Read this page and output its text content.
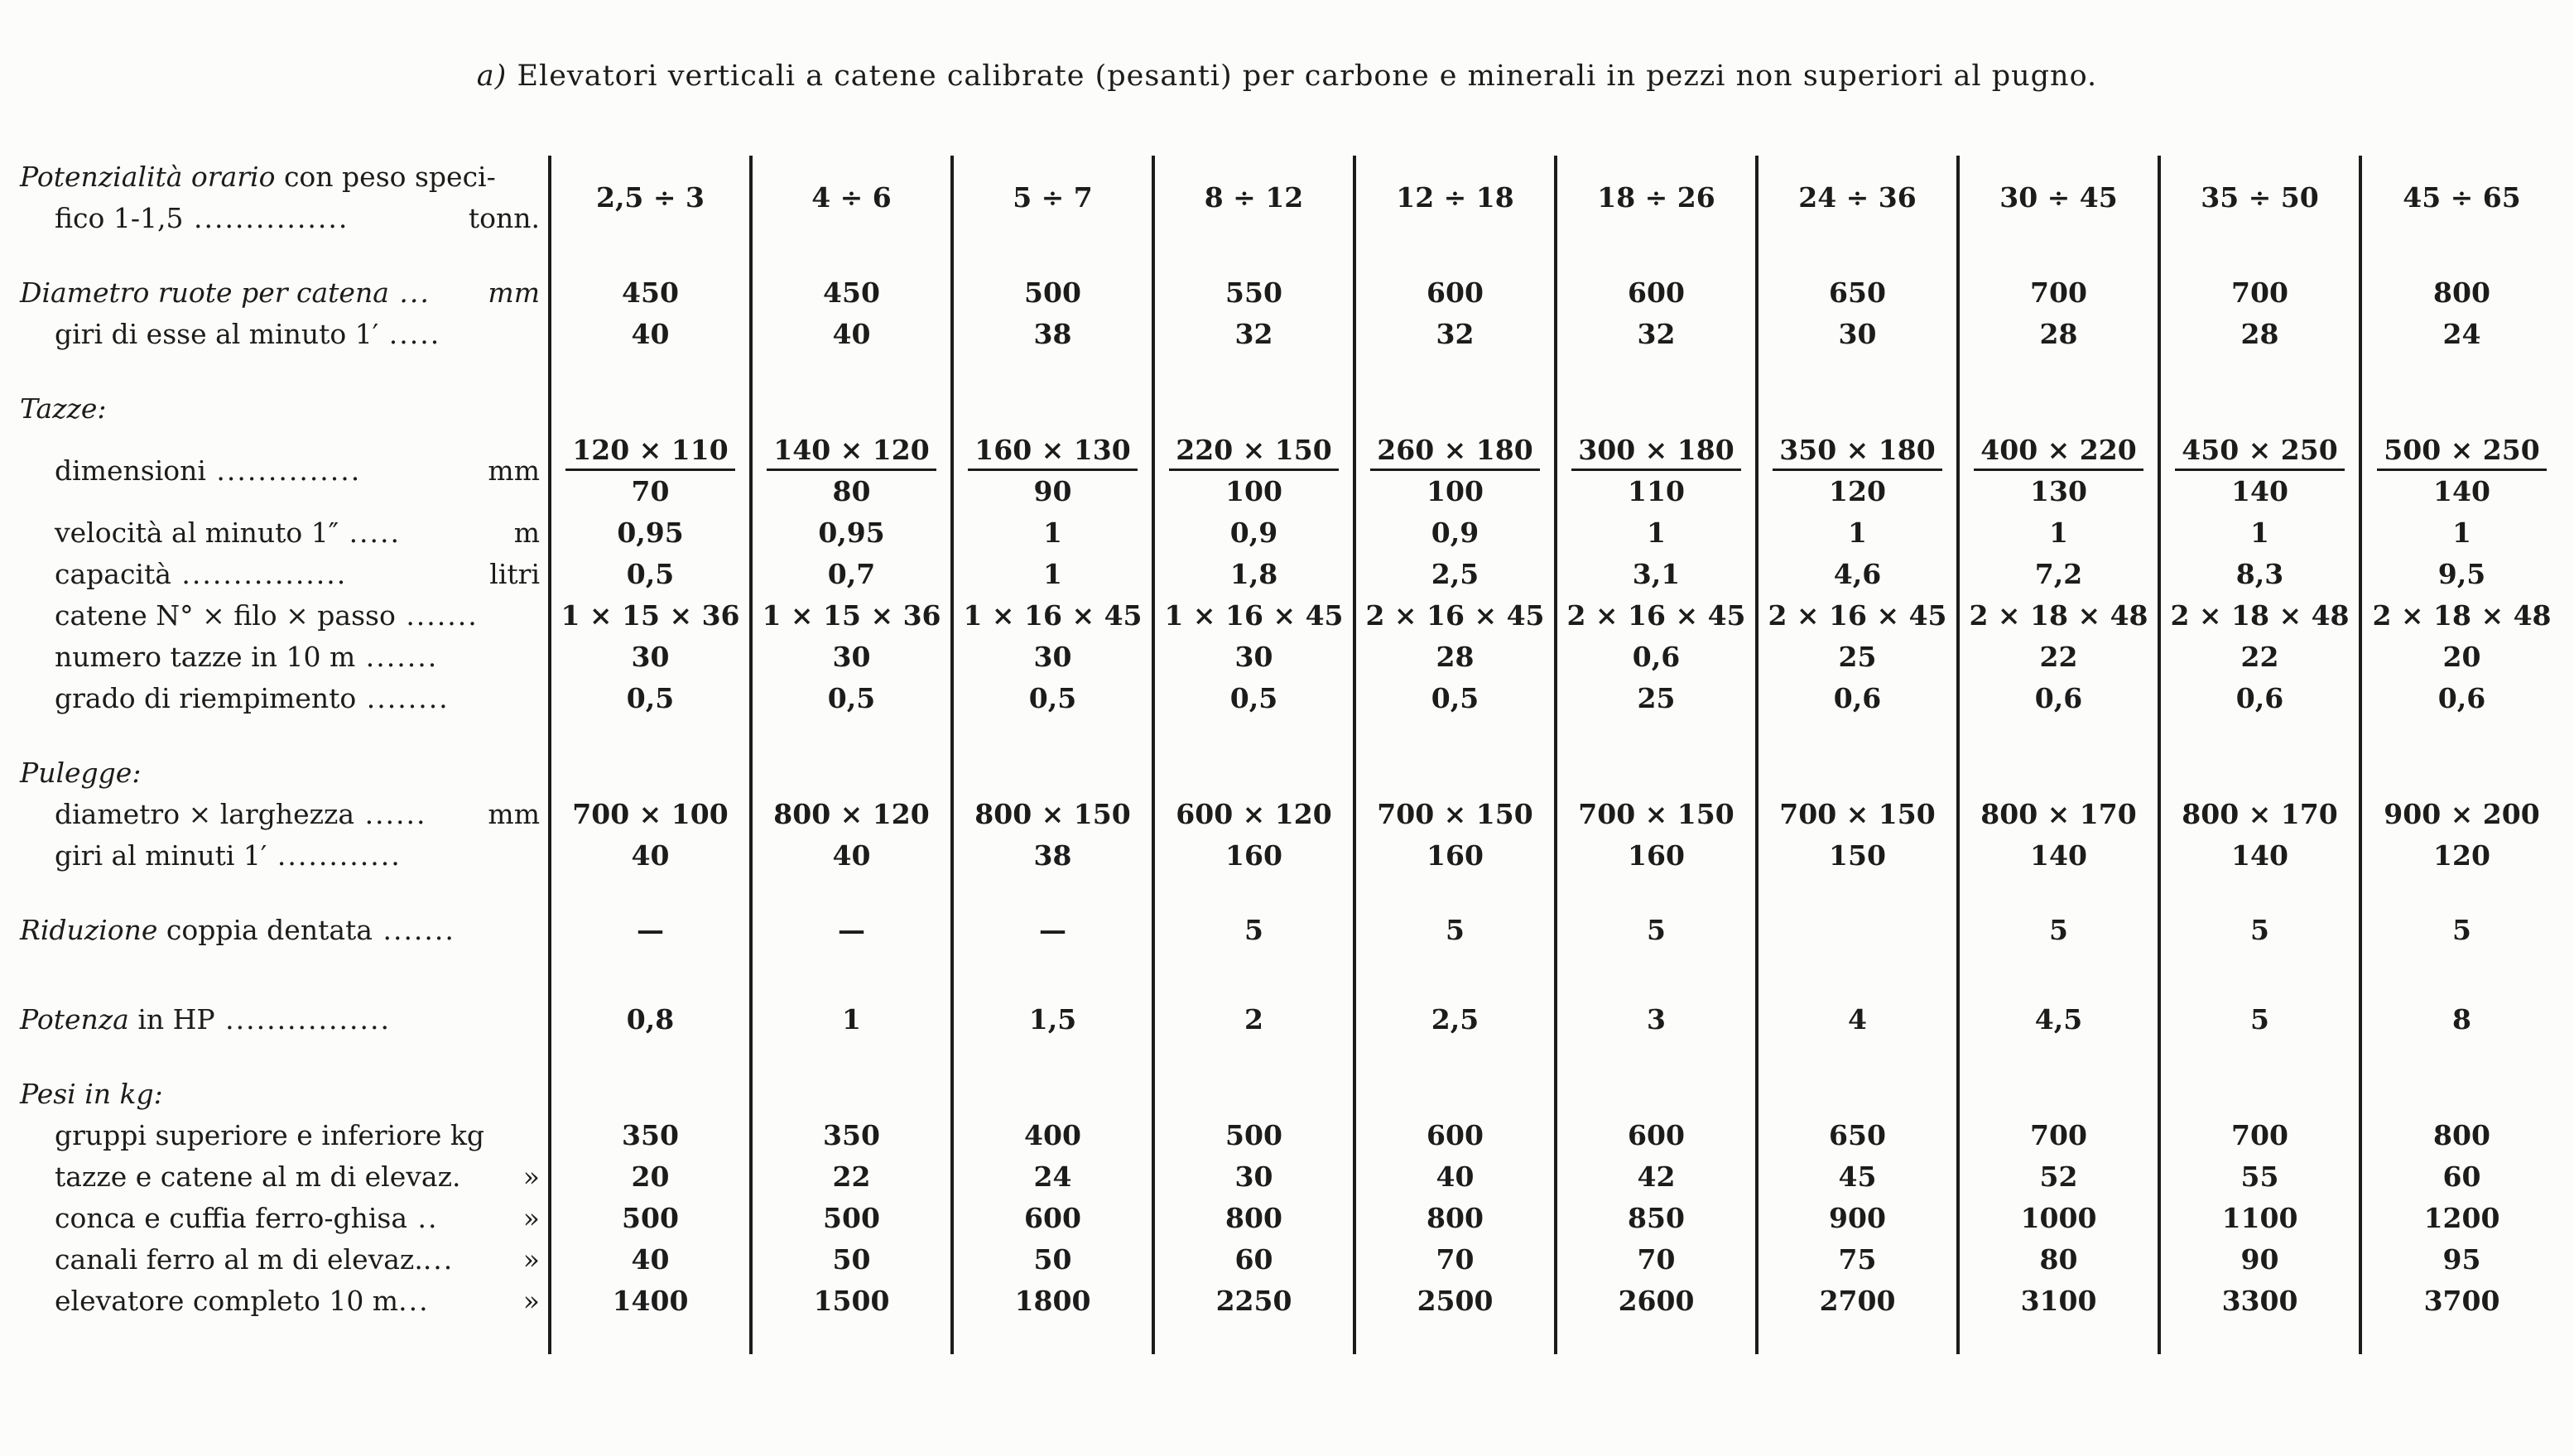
a) Elevatori verticali a catene calibrate (pesanti) per carbone e minerali in pezzi non superiori al pugno.
Potenzialità orario con peso speci-	2,5 ÷ 3	4 ÷ 6	5 ÷ 7	8 ÷ 12	12 ÷ 18	18 ÷ 26	24 ÷ 36	30 ÷ 45	35 ÷ 50	45 ÷ 65
fico 1-1,5 ............... tonn.										

Diametro ruote per catena ... mm	450	450	500	550	600	600	650	700	700	800
giri di esse al minuto 1′ .....	40	40	38	32	32	32	30	28	28	24

Tazze:										
dimensioni .............. mm	$\frac{120 \times 110}{70}$	$\frac{140 \times 120}{80}$	$\frac{160 \times 130}{90}$	$\frac{220 \times 150}{100}$	$\frac{260 \times 180}{100}$	$\frac{300 \times 180}{110}$	$\frac{350 \times 180}{120}$	$\frac{400 \times 220}{130}$	$\frac{450 \times 250}{140}$	$\frac{500 \times 250}{140}$

velocità al minuto 1″ ..... m	0,95	0,95	1	0,9	0,9	1	1	1	1	1
capacità ................ litri	0,5	0,7	1	1,8	2,5	3,1	4,6	7,2	8,3	9,5
catene N° × filo × passo .......	1 × 15 × 36	1 × 15 × 36	1 × 16 × 45	1 × 16 × 45	2 × 16 × 45	2 × 16 × 45	2 × 16 × 45	2 × 18 × 48	2 × 18 × 48	2 × 18 × 48
numero tazze in 10 m .......	30	30	30	30	28	0,6	25	22	22	20
grado di riempimento ........	0,5	0,5	0,5	0,5	0,5	25	0,6	0,6	0,6	0,6

Pulegge:										
diametro × larghezza ...... mm	700 × 100	800 × 120	800 × 150	600 × 120	700 × 150	700 × 150	700 × 150	800 × 170	800 × 170	900 × 200
giri al minuti 1′ ............	40	40	38	160	160	160	150	140	140	120

Riduzione coppia dentata .......	—	—	—	5	5	5		5	5	5

Potenza in HP ................	0,8	1	1,5	2	2,5	3	4	4,5	5	8

Pesi in kg:										
gruppi superiore e inferiore kg	350	350	400	500	600	600	650	700	700	800
tazze e catene al m di elevaz. »	20	22	24	30	40	42	45	52	55	60
conca e cuffia ferro-ghisa .. »	500	500	600	800	800	850	900	1000	1100	1200
canali ferro al m di elevaz.... »	40	50	50	60	70	70	75	80	90	95
elevatore completo 10 m... »	1400	1500	1800	2250	2500	2600	2700	3100	3300	3700
